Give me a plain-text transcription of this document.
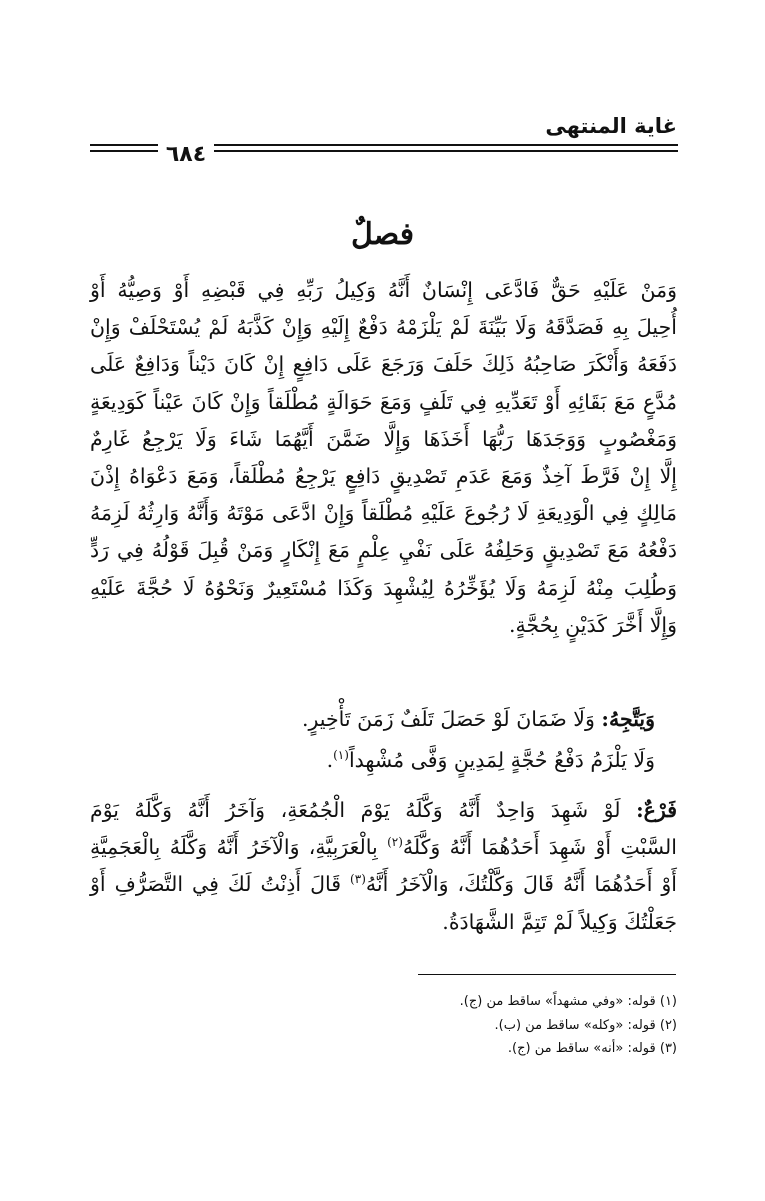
غاية المنتهى
٦٨٤
فصلٌ
وَمَنْ عَلَيْهِ حَقٌّ فَادَّعَى إِنْسَانٌ أَنَّهُ وَكِيلُ رَبِّهِ فِي قَبْضِهِ أَوْ وَصِيُّهُ أَوْ
أُحِيلَ بِهِ فَصَدَّقَهُ وَلَا بَيِّنَةَ لَمْ يَلْزَمْهُ دَفْعٌ إِلَيْهِ وَإِنْ كَذَّبَهُ لَمْ يُسْتَحْلَفْ وَإِنْ
دَفَعَهُ وَأَنْكَرَ صَاحِبُهُ ذَلِكَ حَلَفَ وَرَجَعَ عَلَى دَافِعٍ إِنْ كَانَ دَيْناً وَدَافِعٌ عَلَى
مُدَّعٍ مَعَ بَقَائِهِ أَوْ تَعَدِّيهِ فِي تَلَفٍ وَمَعَ حَوَالَةٍ مُطْلَقاً وَإِنْ كَانَ عَيْناً كَوَدِيعَةٍ
وَمَغْصُوبٍ وَوَجَدَهَا رَبُّهَا أَخَذَهَا وَإِلَّا ضَمَّنَ أَيَّهُمَا شَاءَ وَلَا يَرْجِعُ غَارِمٌ
إِلَّا إِنْ فَرَّطَ آخِذٌ وَمَعَ عَدَمِ تَصْدِيقٍ دَافِعٍ يَرْجِعُ مُطْلَقاً، وَمَعَ دَعْوَاهُ إِذْنَ
مَالِكٍ فِي الْوَدِيعَةِ لَا رُجُوعَ عَلَيْهِ مُطْلَقاً وَإِنْ ادَّعَى مَوْتَهُ وَأَنَّهُ وَارِثُهُ لَزِمَهُ
دَفْعُهُ مَعَ تَصْدِيقٍ وَحَلِفُهُ عَلَى نَفْيِ عِلْمٍ مَعَ إِنْكَارٍ وَمَنْ قُبِلَ قَوْلُهُ فِي رَدٍّ
وَطُلِبَ مِنْهُ لَزِمَهُ وَلَا يُؤَخِّرُهُ لِيُشْهِدَ وَكَذَا مُسْتَعِيرٌ وَنَحْوُهُ لَا حُجَّةَ عَلَيْهِ
وَإِلَّا أَخَّرَ كَدَيْنٍ بِحُجَّةٍ.
وَيَتَّجِهُ: وَلَا ضَمَانَ لَوْ حَصَلَ تَلَفٌ زَمَنَ تَأْخِيرٍ.
وَلَا يَلْزَمُ دَفْعُ حُجَّةٍ لِمَدِينٍ وَفَّى مُشْهِداً$^{(١)}$.
فَرْعٌ: لَوْ شَهِدَ وَاحِدٌ أَنَّهُ وَكَّلَهُ يَوْمَ الْجُمُعَةِ، وَآخَرُ أَنَّهُ وَكَّلَهُ يَوْمَ
السَّبْتِ أَوْ شَهِدَ أَحَدُهُمَا أَنَّهُ وَكَّلَهُ$^{(٢)}$ بِالْعَرَبِيَّةِ، وَالْآخَرُ أَنَّهُ وَكَّلَهُ بِالْعَجَمِيَّةِ
أَوْ أَحَدُهُمَا أَنَّهُ قَالَ وَكَّلْتُكَ، وَالْآخَرُ أَنَّهُ$^{(٣)}$ قَالَ أَذِنْتُ لَكَ فِي التَّصَرُّفِ أَوْ
جَعَلْتُكَ وَكِيلاً لَمْ تَتِمَّ الشَّهَادَةُ.
(١) قوله: «وفي مشهداً» ساقط من (ج).
(٢) قوله: «وكله» ساقط من (ب).
(٣) قوله: «أنه» ساقط من (ج).
